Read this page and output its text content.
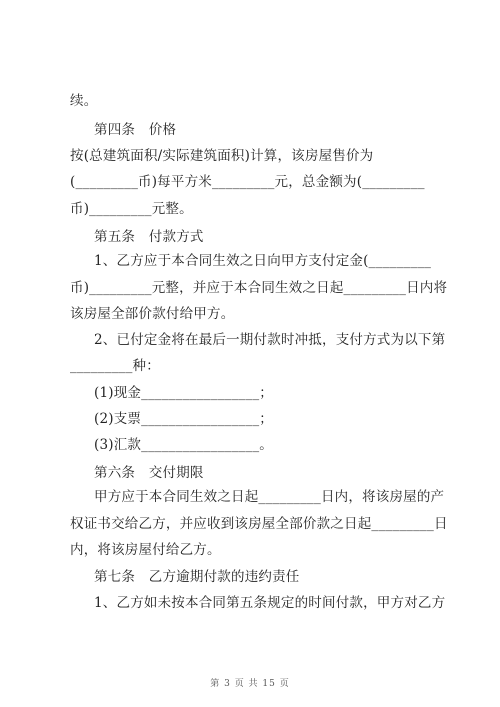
续。
第四条　价格
按(总建筑面积/实际建筑面积)计算，该房屋售价为
(_________币)每平方米_________元，总金额为(_________
币)_________元整。
第五条　付款方式
1、乙方应于本合同生效之日向甲方支付定金(_________
币)_________元整，并应于本合同生效之日起_________日内将
该房屋全部价款付给甲方。
2、已付定金将在最后一期付款时冲抵，支付方式为以下第
_________种：
(1)现金_________________；
(2)支票_________________；
(3)汇款_________________。
第六条　交付期限
甲方应于本合同生效之日起_________日内，将该房屋的产
权证书交给乙方，并应收到该房屋全部价款之日起_________日
内，将该房屋付给乙方。
第七条　乙方逾期付款的违约责任
1、乙方如未按本合同第五条规定的时间付款，甲方对乙方
第 3 页 共 15 页
